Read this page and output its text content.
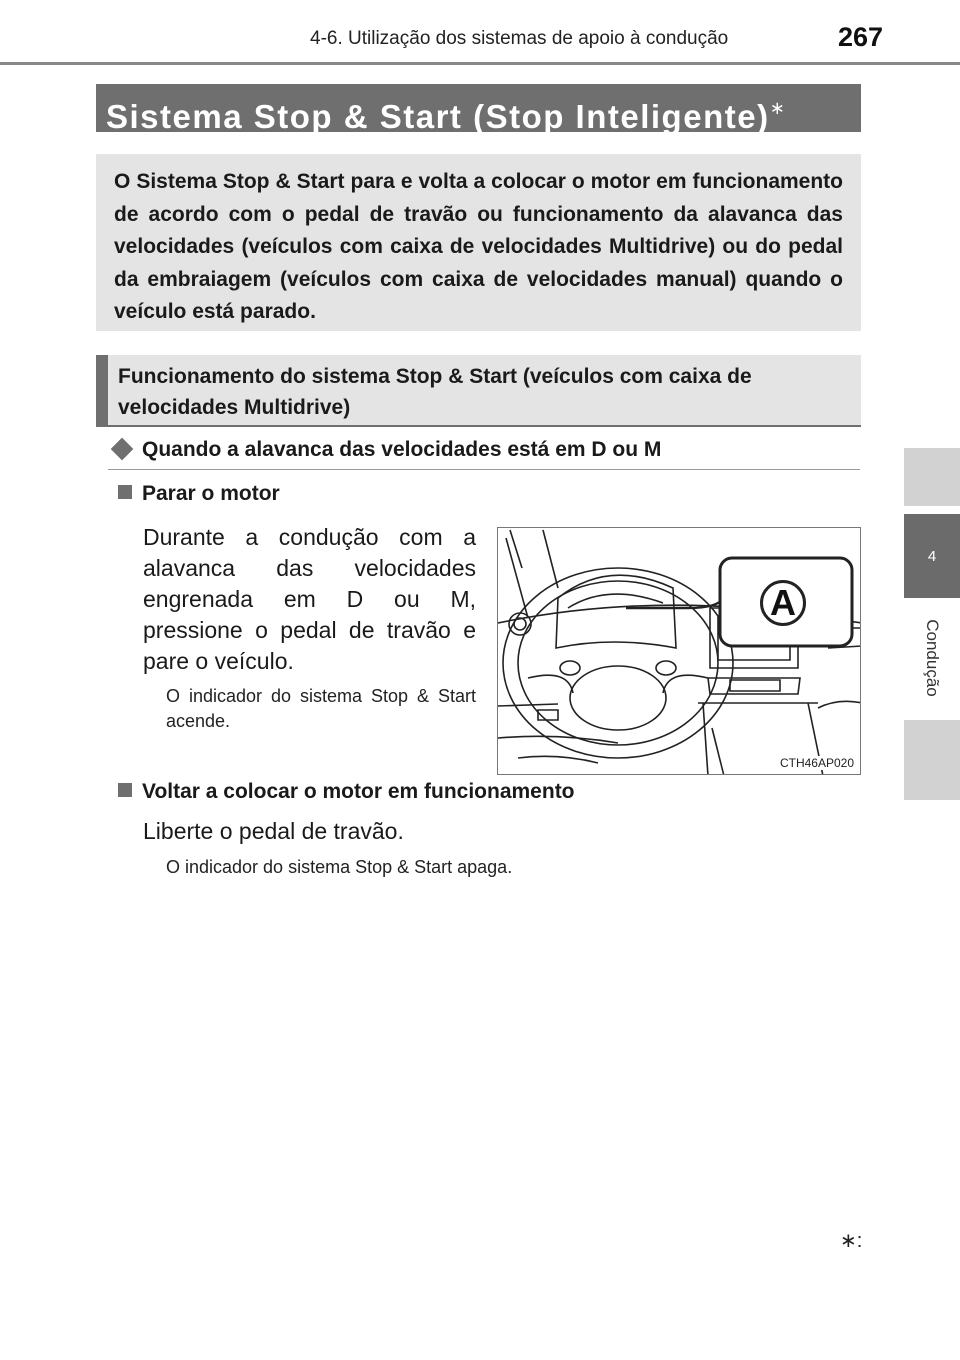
4-6. Utilização dos sistemas de apoio à condução	267
4
Condução
Sistema Stop & Start (Stop Inteligente)∗

O Sistema Stop & Start para e volta a colocar o motor em funcionamento de acordo com o pedal de travão ou funcionamento da alavanca das velocidades (veículos com caixa de velocidades Multidrive) ou do pedal da embraiagem (veículos com caixa de velocidades manual) quando o veículo está parado.

Funcionamento do sistema Stop & Start (veículos com caixa de velocidades Multidrive)
Quando a alavanca das velocidades está em D ou M
Parar o motor
Durante a condução com a alavanca das velocidades engrenada em D ou M, pressione o pedal de travão e pare o veículo.
O indicador do sistema Stop & Start acende.
A
CTH46AP020
Voltar a colocar o motor em funcionamento
Liberte o pedal de travão.
O indicador do sistema Stop & Start apaga.
∗:
